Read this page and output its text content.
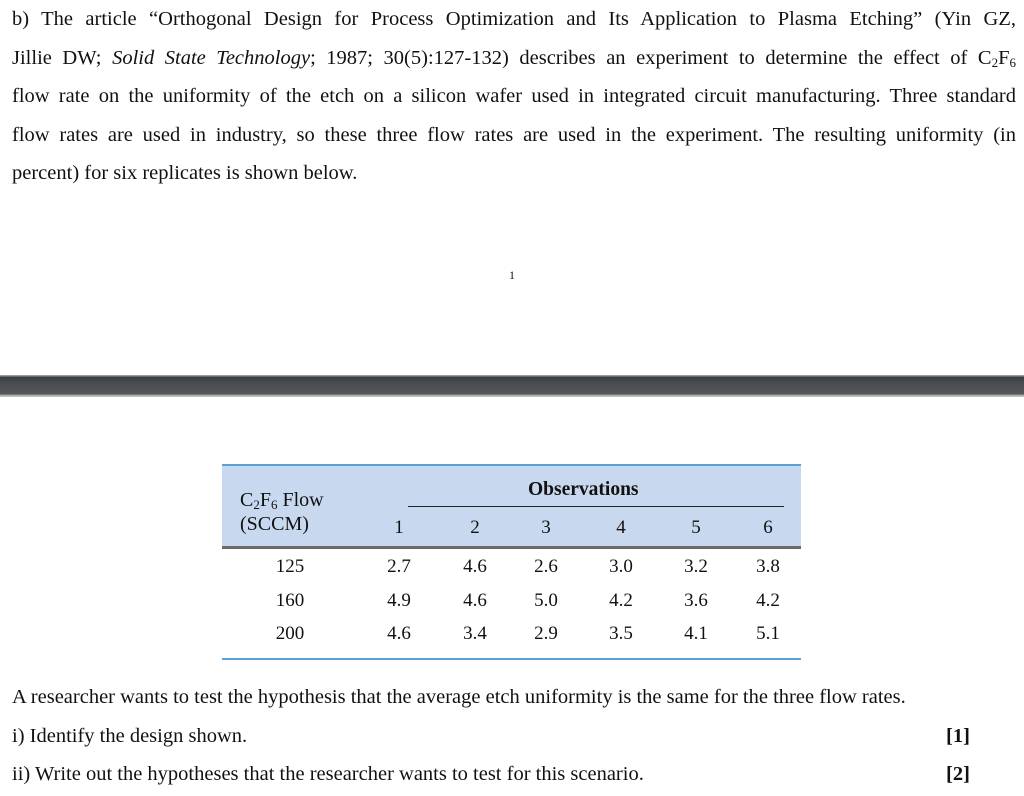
b) The article “Orthogonal Design for Process Optimization and Its Application to Plasma Etching” (Yin GZ,
Jillie DW; Solid State Technology; 1987; 30(5):127-132) describes an experiment to determine the effect of $C_2F_6$
flow rate on the uniformity of the etch on a silicon wafer used in integrated circuit manufacturing. Three standard
flow rates are used in industry, so these three flow rates are used in the experiment. The resulting uniformity (in
percent) for six replicates is shown below.
1
$C_2F_6$ Flow
(SCCM)
Observations
1	2	3	4	5	6
125	2.7	4.6	2.6	3.0	3.2	3.8
160	4.9	4.6	5.0	4.2	3.6	4.2
200	4.6	3.4	2.9	3.5	4.1	5.1
A researcher wants to test the hypothesis that the average etch uniformity is the same for the three flow rates.
i) Identify the design shown.	[1]
ii) Write out the hypotheses that the researcher wants to test for this scenario.	[2]
